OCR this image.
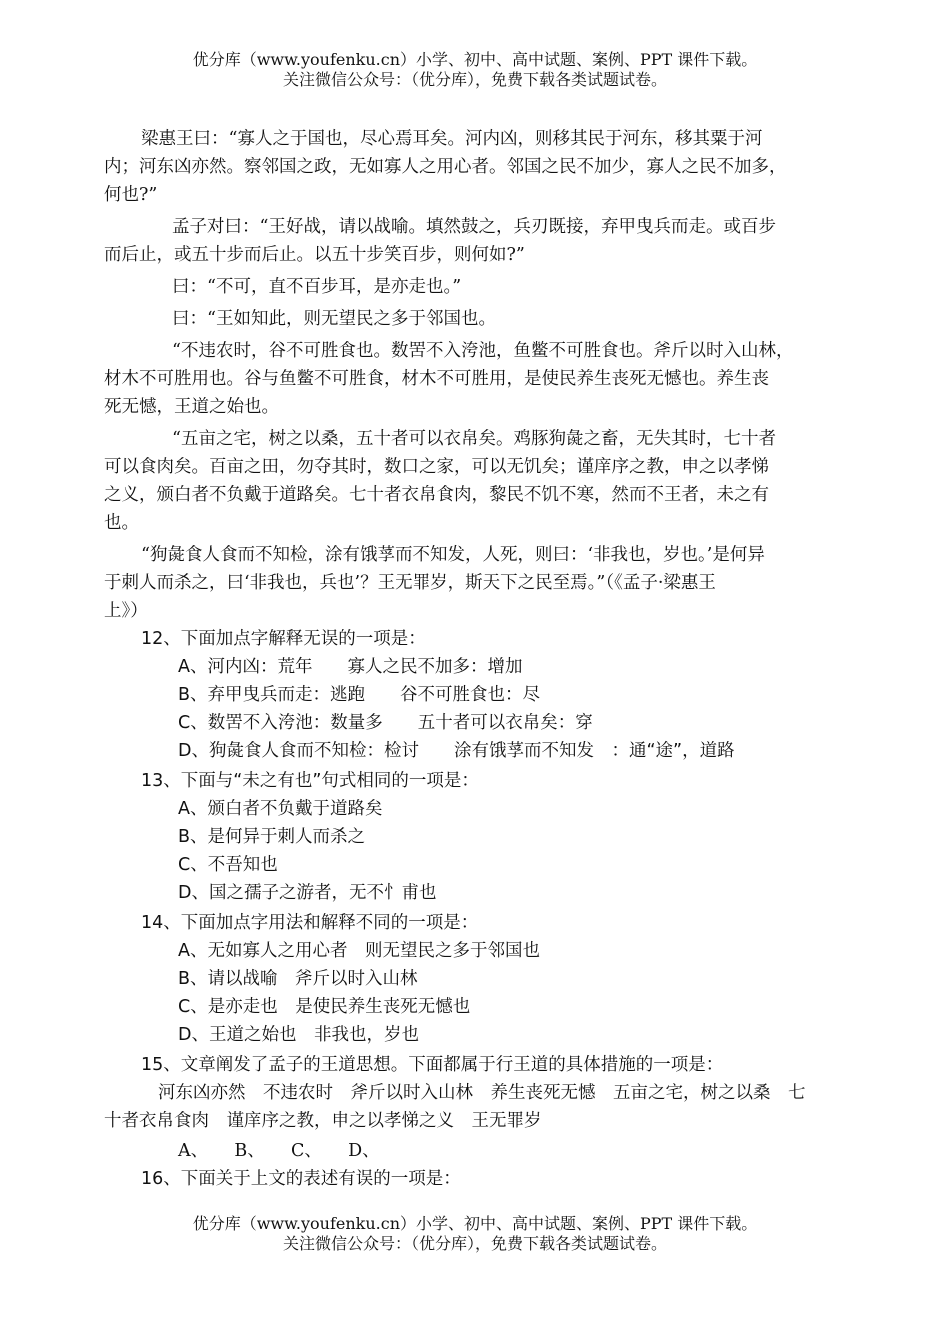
优分库（www.youfenku.cn）小学、初中、高中试题、案例、PPT 课件下载。
关注微信公众号：（优分库），免费下载各类试题试卷。
梁惠王曰：“寡人之于国也，尽心焉耳矣。河内凶，则移其民于河东，移其粟于河
内；河东凶亦然。察邻国之政，无如寡人之用心者。邻国之民不加少，寡人之民不加多，
何也?”
孟子对曰：“王好战，请以战喻。填然鼓之，兵刃既接，弃甲曳兵而走。或百步
而后止，或五十步而后止。以五十步笑百步，则何如?”
曰：“不可，直不百步耳，是亦走也。”
曰：“王如知此，则无望民之多于邻国也。
“不违农时，谷不可胜食也。数罟不入洿池，鱼鳖不可胜食也。斧斤以时入山林，
材木不可胜用也。谷与鱼鳖不可胜食，材木不可胜用，是使民养生丧死无憾也。养生丧
死无憾，王道之始也。
“五亩之宅，树之以桑，五十者可以衣帛矣。鸡豚狗彘之畜，无失其时，七十者
可以食肉矣。百亩之田，勿夺其时，数口之家，可以无饥矣；谨庠序之教，申之以孝悌
之义，颁白者不负戴于道路矣。七十者衣帛食肉，黎民不饥不寒，然而不王者，未之有
也。
“狗彘食人食而不知检，涂有饿莩而不知发，人死，则曰：‘非我也，岁也。’是何异
于刺人而杀之，曰‘非我也，兵也’？王无罪岁，斯天下之民至焉。”（《孟子·梁惠王
上》）
12、下面加点字解释无误的一项是：
A、河内凶：荒年　　寡人之民不加多：增加
B、弃甲曳兵而走：逃跑　　谷不可胜食也：尽
C、数罟不入洿池：数量多　　五十者可以衣帛矣：穿
D、狗彘食人食而不知检：检讨　　涂有饿莩而不知发　：通“途”，道路
13、下面与“未之有也”句式相同的一项是：
A、颁白者不负戴于道路矣
B、是何异于刺人而杀之
C、不吾知也
D、国之孺子之游者，无不忄甫也
14、下面加点字用法和解释不同的一项是：
A、无如寡人之用心者　则无望民之多于邻国也
B、请以战喻　斧斤以时入山林
C、是亦走也　是使民养生丧死无憾也
D、王道之始也　非我也，岁也
15、文章阐发了孟子的王道思想。下面都属于行王道的具体措施的一项是：
河东凶亦然　不违农时　斧斤以时入山林　养生丧死无憾　五亩之宅，树之以桑　七
十者衣帛食肉　谨庠序之教，申之以孝悌之义　王无罪岁
A、　　B、　　C、　　D、
16、下面关于上文的表述有误的一项是：
优分库（www.youfenku.cn）小学、初中、高中试题、案例、PPT 课件下载。
关注微信公众号：（优分库），免费下载各类试题试卷。
